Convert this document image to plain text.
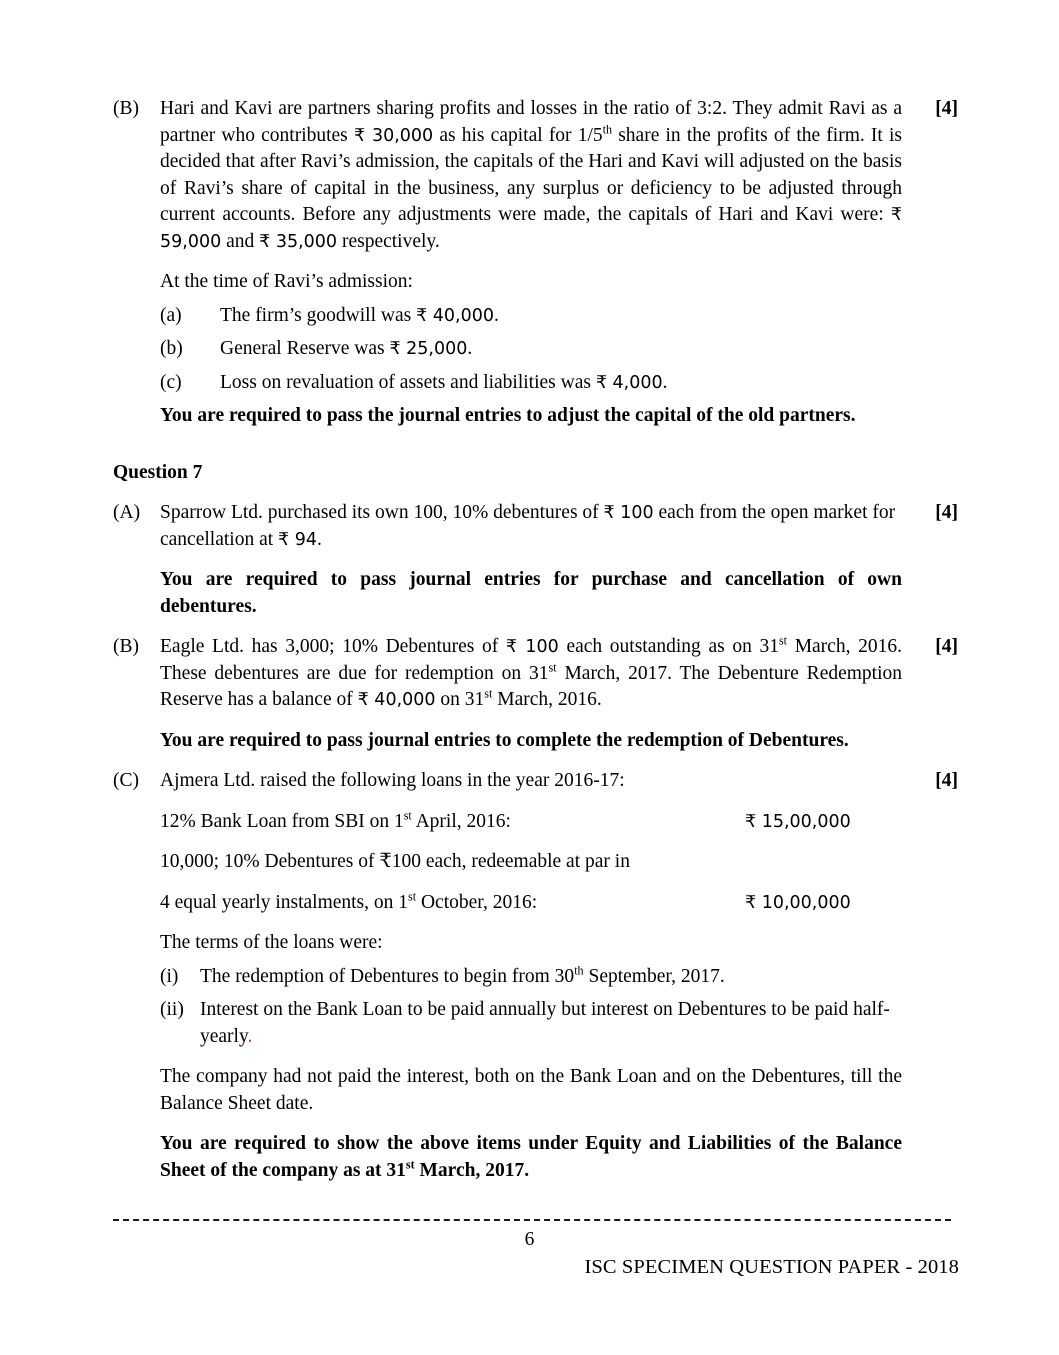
(B)	Hari and Kavi are partners sharing profits and losses in the ratio of 3:2. They admit Ravi as a partner who contributes ₹ 30,000 as his capital for 1/5th share in the profits of the firm. It is decided that after Ravi’s admission, the capitals of the Hari and Kavi will adjusted on the basis of Ravi’s share of capital in the business, any surplus or deficiency to be adjusted through current accounts. Before any adjustments were made, the capitals of Hari and Kavi were: ₹ 59,000 and ₹ 35,000 respectively.
[4]
At the time of Ravi’s admission:
(a)	The firm’s goodwill was ₹ 40,000.
(b)	General Reserve was ₹ 25,000.
(c)	Loss on revaluation of assets and liabilities was ₹ 4,000.
You are required to pass the journal entries to adjust the capital of the old partners.
Question 7
(A)	Sparrow Ltd. purchased its own 100, 10% debentures of ₹ 100 each from the open market for cancellation at ₹ 94.
[4]
You are required to pass journal entries for purchase and cancellation of own debentures.
(B)	Eagle Ltd. has 3,000; 10% Debentures of ₹ 100 each outstanding as on 31st March, 2016. These debentures are due for redemption on 31st March, 2017. The Debenture Redemption Reserve has a balance of ₹ 40,000 on 31st March, 2016.
[4]
You are required to pass journal entries to complete the redemption of Debentures.
(C)	Ajmera Ltd. raised the following loans in the year 2016-17:	[4]
12% Bank Loan from SBI on 1st April, 2016:	₹ 15,00,000
10,000; 10% Debentures of ₹100 each, redeemable at par in
4 equal yearly instalments, on 1st October, 2016:	₹ 10,00,000
The terms of the loans were:
(i)	The redemption of Debentures to begin from 30th September, 2017.
(ii) Interest on the Bank Loan to be paid annually but interest on Debentures to be paid half-yearly.
The company had not paid the interest, both on the Bank Loan and on the Debentures, till the Balance Sheet date.
You are required to show the above items under Equity and Liabilities of the Balance Sheet of the company as at 31st March, 2017.
6
ISC SPECIMEN QUESTION PAPER - 2018
